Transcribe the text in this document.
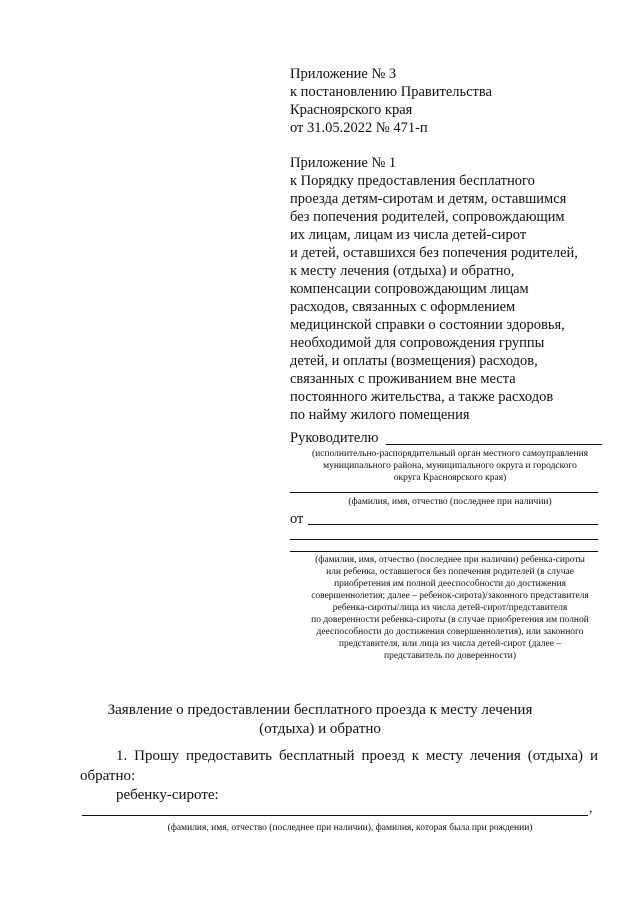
Приложение № 3
к постановлению Правительства
Красноярского края
от 31.05.2022 № 471-п
Приложение № 1
к Порядку предоставления бесплатного
проезда детям-сиротам и детям, оставшимся
без попечения родителей, сопровождающим
их лицам, лицам из числа детей-сирот
и детей, оставшихся без попечения родителей,
к месту лечения (отдыха) и обратно,
компенсации сопровождающим лицам
расходов, связанных с оформлением
медицинской справки о состоянии здоровья,
необходимой для сопровождения группы
детей, и оплаты (возмещения) расходов,
связанных с проживанием вне места
постоянного жительства, а также расходов
по найму жилого помещения
Руководителю
(исполнительно-распорядительный орган местного самоуправления
муниципального района, муниципального округа и городского
округа Красноярского края)
(фамилия, имя, отчество (последнее при наличии)
от
(фамилия, имя, отчество (последнее при наличии) ребенка-сироты
или ребенка, оставшегося без попечения родителей (в случае
приобретения им полной дееспособности до достижения
совершеннолетия; далее – ребенок-сирота)/законного представителя
ребенка-сироты/лица из числа детей-сирот/представителя
по доверенности ребенка-сироты (в случае приобретения им полной
дееспособности до достижения совершеннолетия), или законного
представителя, или лица из числа детей-сирот (далее –
представитель по доверенности)
Заявление о предоставлении бесплатного проезда к месту лечения
(отдыха) и обратно
1. Прошу предоставить бесплатный проезд к месту лечения (отдыха) и обратно:
ребенку-сироте:
,
(фамилия, имя, отчество (последнее при наличии), фамилия, которая была при рождении)
